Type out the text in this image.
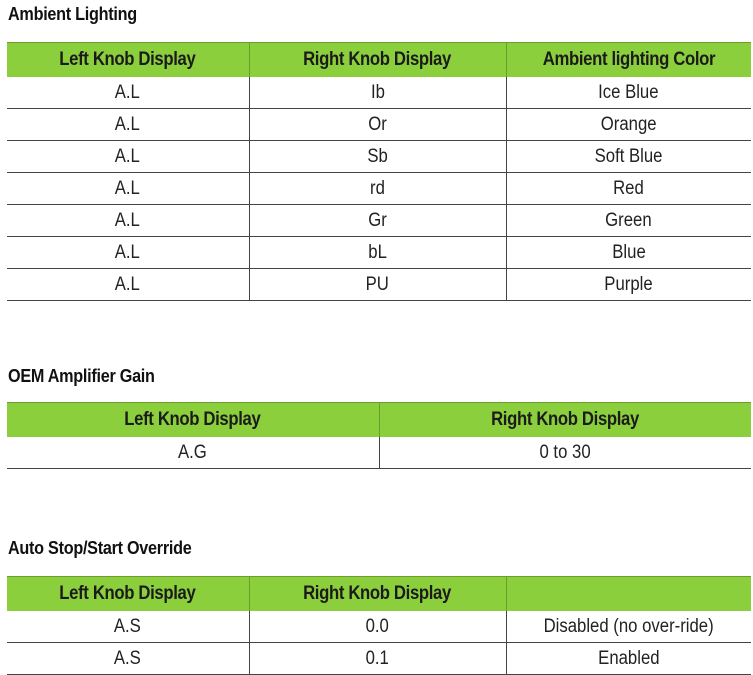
Ambient Lighting
Left Knob Display	Right Knob Display	Ambient lighting Color
A.L	Ib	Ice Blue
A.L	Or	Orange
A.L	Sb	Soft Blue
A.L	rd	Red
A.L	Gr	Green
A.L	bL	Blue
A.L	PU	Purple
OEM Amplifier Gain
Left Knob Display	Right Knob Display
A.G	0 to 30
Auto Stop/Start Override
Left Knob Display	Right Knob Display	
A.S	0.0	Disabled (no over-ride)
A.S	0.1	Enabled
